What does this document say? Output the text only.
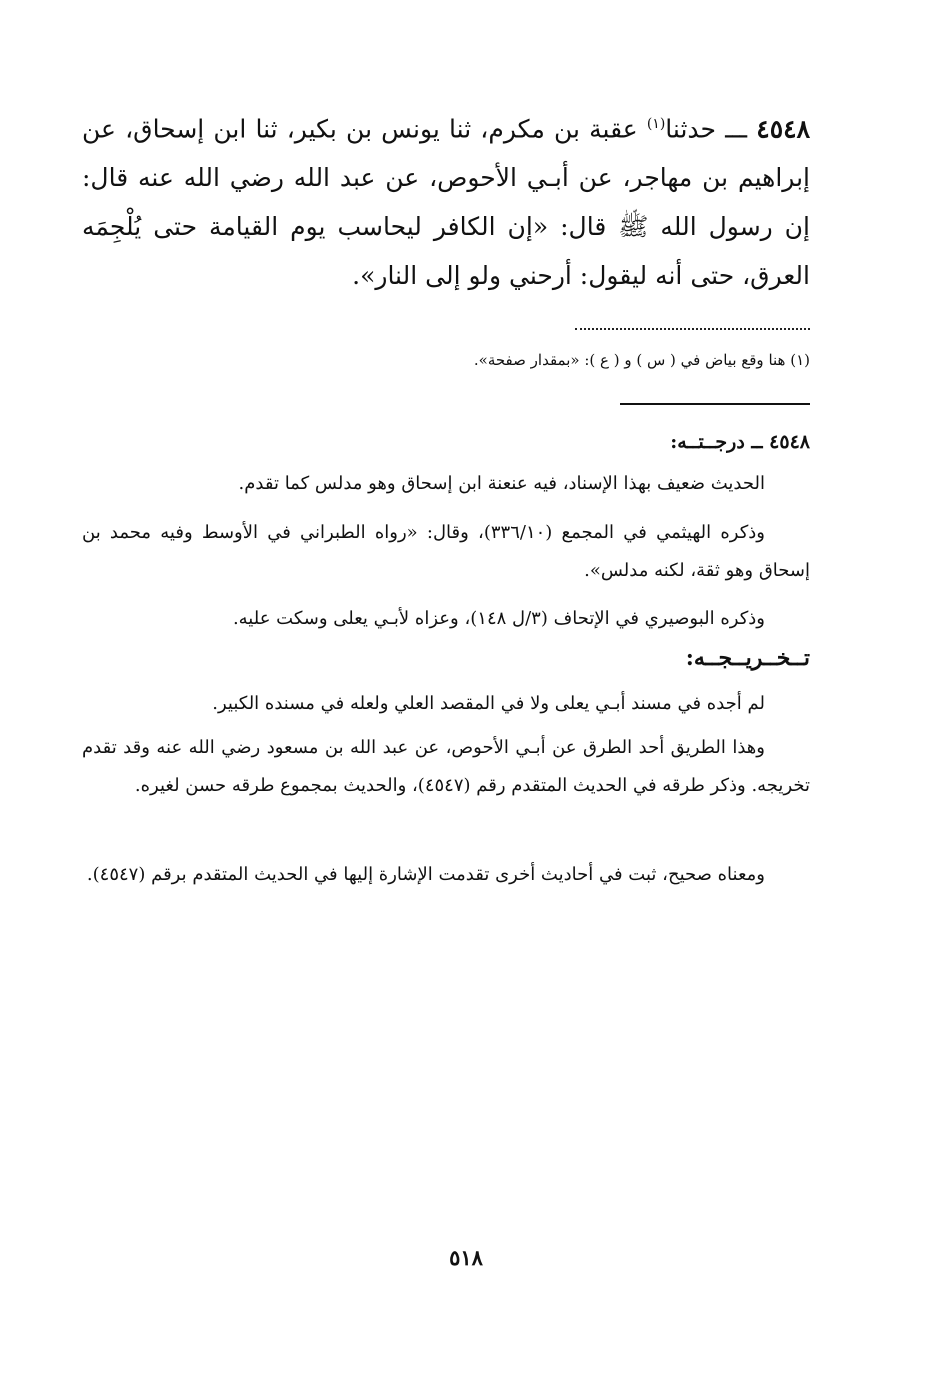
٤٥٤٨ ـــ حدثنا$^{(١)}$ عقبة بن مكرم، ثنا يونس بن بكير، ثنا ابن إسحاق، عن إبراهيم بن مهاجر، عن أبـي الأحوص، عن عبد الله رضي الله عنه قال: إن رسول الله ﷺ قال: «إن الكافر ليحاسب يوم القيامة حتى يُلْجِمَه العرق، حتى أنه ليقول: أرحني ولو إلى النار».
(١) هنا وقع بياض في ( س ) و ( ع ): «بمقدار صفحة».
٤٥٤٨ ــ درجــتــه:
الحديث ضعيف بهذا الإسناد، فيه عنعنة ابن إسحاق وهو مدلس كما تقدم.
وذكره الهيثمي في المجمع (٣٣٦/١٠)، وقال: «رواه الطبراني في الأوسط وفيه محمد بن إسحاق وهو ثقة، لكنه مدلس».
وذكره البوصيري في الإتحاف (٣/ل ١٤٨)، وعزاه لأبـي يعلى وسكت عليه.
تــخــريــجــه:
لم أجده في مسند أبـي يعلى ولا في المقصد العلي ولعله في مسنده الكبير.
وهذا الطريق أحد الطرق عن أبـي الأحوص، عن عبد الله بن مسعود رضي الله عنه وقد تقدم تخريجه. وذكر طرقه في الحديث المتقدم رقم (٤٥٤٧)، والحديث بمجموع طرقه حسن لغيره.
ومعناه صحيح، ثبت في أحاديث أخرى تقدمت الإشارة إليها في الحديث المتقدم برقم (٤٥٤٧).
٥١٨
